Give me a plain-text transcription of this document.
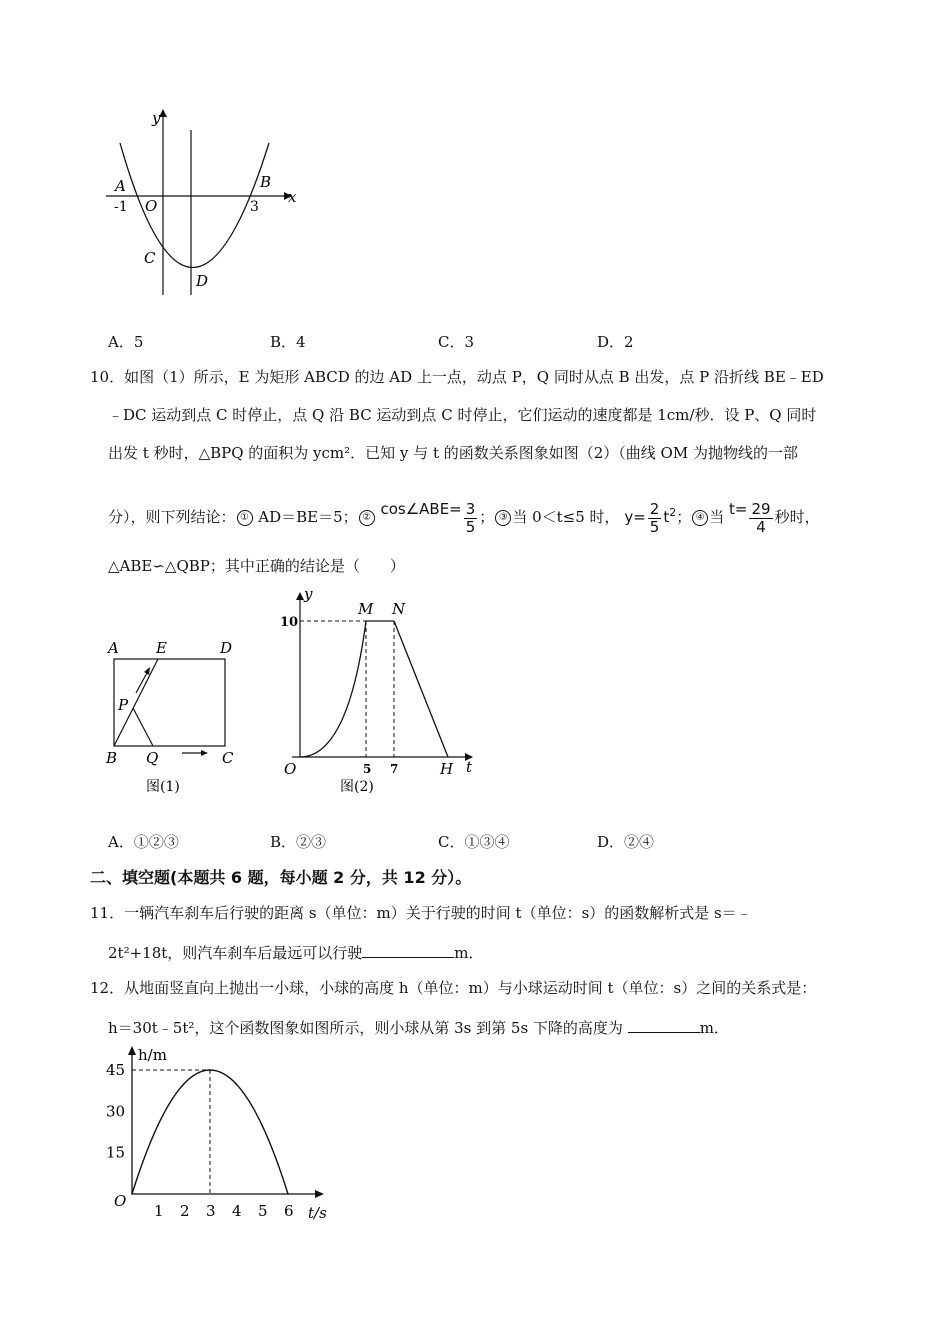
y
x
A	B
-1 O	3
C
D
A．5	B．4	C．3	D．2
10．如图（1）所示，E 为矩形 ABCD 的边 AD 上一点，动点 P，Q 同时从点 B 出发，点 P 沿折线 BE﹣ED
﹣DC 运动到点 C 时停止，点 Q 沿 BC 运动到点 C 时停止，它们运动的速度都是 1cm/秒．设 P、Q 同时
出发 t 秒时，△BPQ 的面积为 ycm²．已知 y 与 t 的函数关系图象如图（2）（曲线 OM 为抛物线的一部
分），则下列结论： ① AD＝BE＝5； ② cos∠ABE= $\frac{3}{5}$ ； ③ 当 0＜t≤5 时， $y= \frac{2}{5} t^2$； ④ 当 $t= \frac{29}{4}$ 秒时，
△ABE∽△QBP；其中正确的结论是（　　）
A E	D
P
B Q	C
图(1)
y
M N
10
O	5 7	H t
图(2)
A．①②③	B．②③	C．①③④	D．②④
二、填空题(本题共 6 题，每小题 2 分，共 12 分）。
11．一辆汽车刹车后行驶的距离 s（单位：m）关于行驶的时间 t（单位：s）的函数解析式是 s＝﹣
2t²+18t，则汽车刹车后最远可以行驶	m．
12．从地面竖直向上抛出一小球，小球的高度 h（单位：m）与小球运动时间 t（单位：s）之间的关系式是：
h＝30t﹣5t²，这个函数图象如图所示，则小球从第 3s 到第 5s 下降的高度为	m．
h/m
t/s
O
1 2 3 4 5 6
15
30
45
